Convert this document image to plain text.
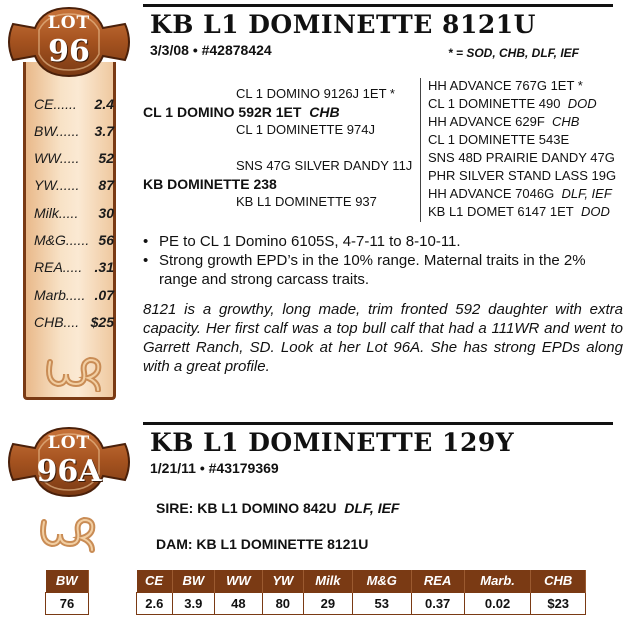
CE...... 2.4
BW...... 3.7
WW..... 52
YW...... 87
Milk..... 30
M&G...... 56
REA..... .31
Marb..... .07
CHB.... $25
LOT
96
KB L1 DOMINETTE 8121U
3/3/08 • #42878424	* = SOD, CHB, DLF, IEF
CL 1 DOMINO 9126J 1ET *
CL 1 DOMINO 592R 1ET CHB
CL 1 DOMINETTE 974J
SNS 47G SILVER DANDY 11J
KB DOMINETTE 238
KB L1 DOMINETTE 937
HH ADVANCE 767G 1ET *
CL 1 DOMINETTE 490 DOD
HH ADVANCE 629F CHB
CL 1 DOMINETTE 543E
SNS 48D PRAIRIE DANDY 47G
PHR SILVER STAND LASS 19G
HH ADVANCE 7046G DLF, IEF
KB L1 DOMET 6147 1ET DOD
• PE to CL 1 Domino 6105S, 4-7-11 to 8-10-11.
• Strong growth EPD’s in the 10% range. Maternal traits in the 2% range and strong carcass traits.
8121 is a growthy, long made, trim fronted 592 daughter with extra capacity. Her first calf was a top bull calf that had a 111WR and went to Garrett Ranch, SD. Look at her Lot 96A. She has strong EPDs along with a great profile.
LOT
96A
KB L1 DOMINETTE 129Y
1/21/11 • #43179369
SIRE: KB L1 DOMINO 842U DLF, IEF
DAM: KB L1 DOMINETTE 8121U
BW
76
CE	BW	WW	YW	Milk	M&G	REA	Marb.	CHB
2.6	3.9	48	80	29	53	0.37	0.02	$23
